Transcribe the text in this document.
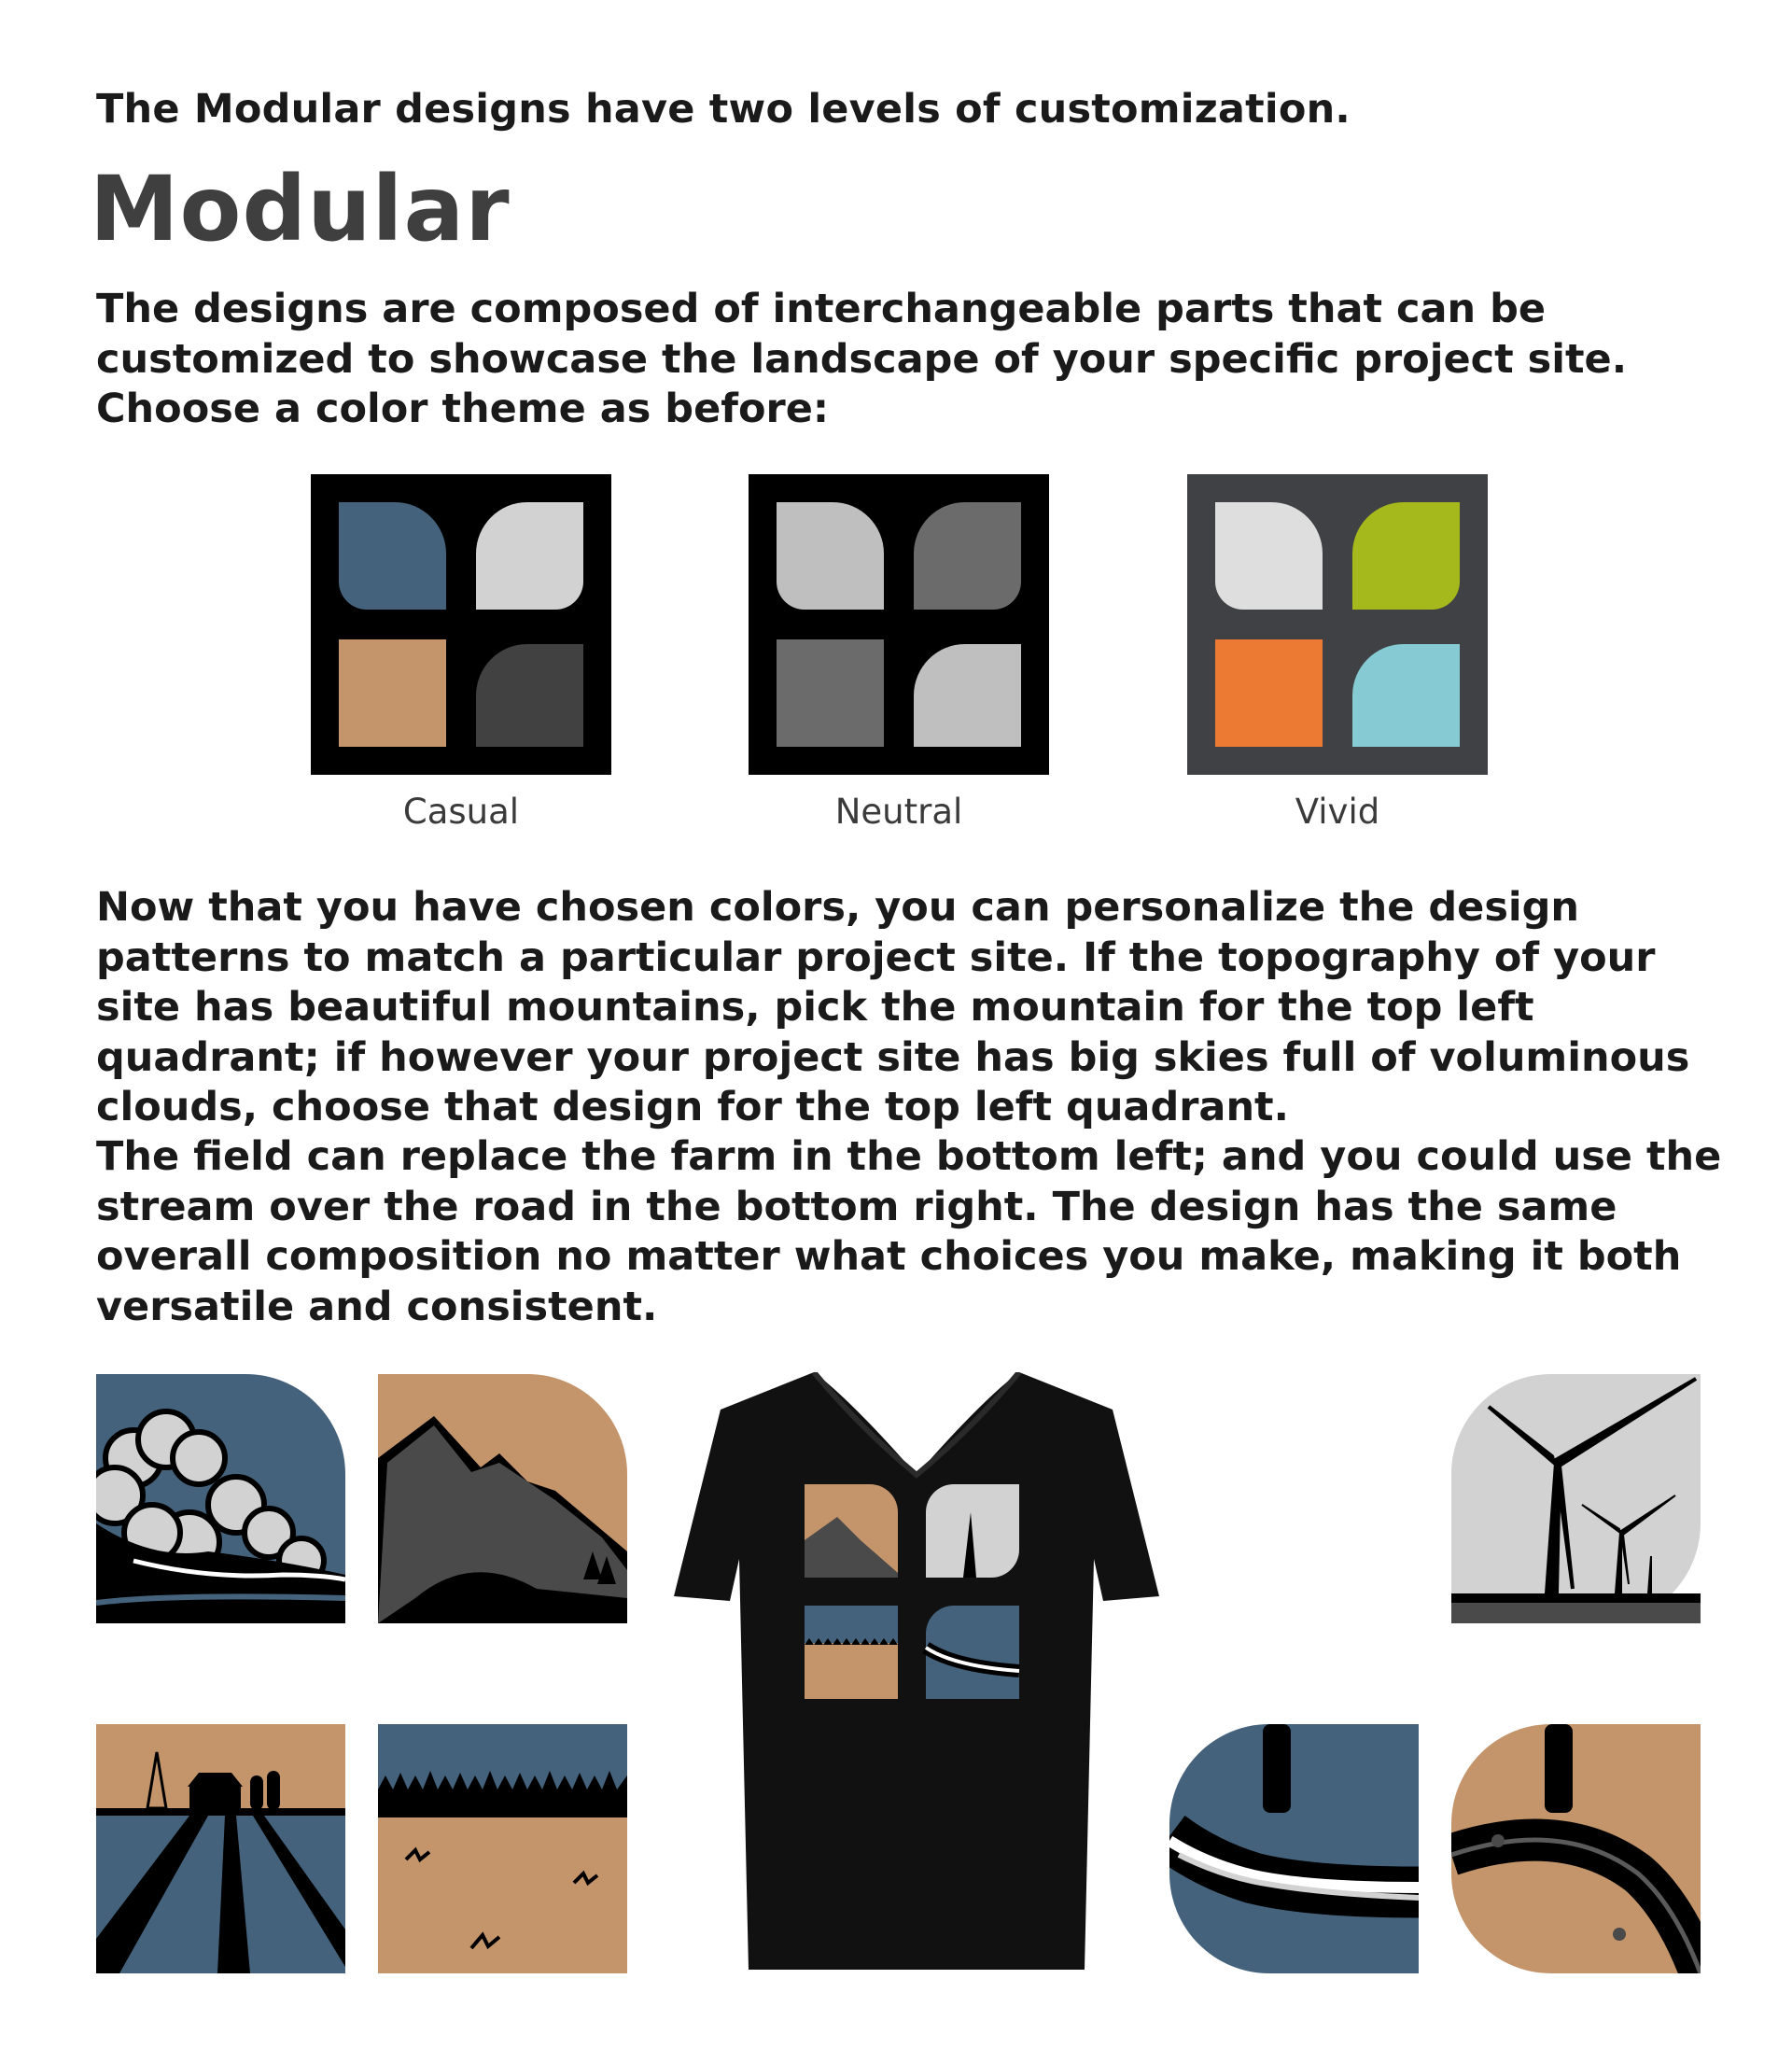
The Modular designs have two levels of customization.

Modular

The designs are composed of interchangeable parts that can be customized to showcase the landscape of your specific project site. Choose a color theme as before:

Casual	Neutral	Vivid

Now that you have chosen colors, you can personalize the design patterns to match a particular project site. If the topography of your site has beautiful mountains, pick the mountain for the top left quadrant; if however your project site has big skies full of voluminous clouds, choose that design for the top left quadrant.

The field can replace the farm in the bottom left; and you could use the stream over the road in the bottom right. The design has the same overall composition no matter what choices you make, making it both versatile and consistent.
